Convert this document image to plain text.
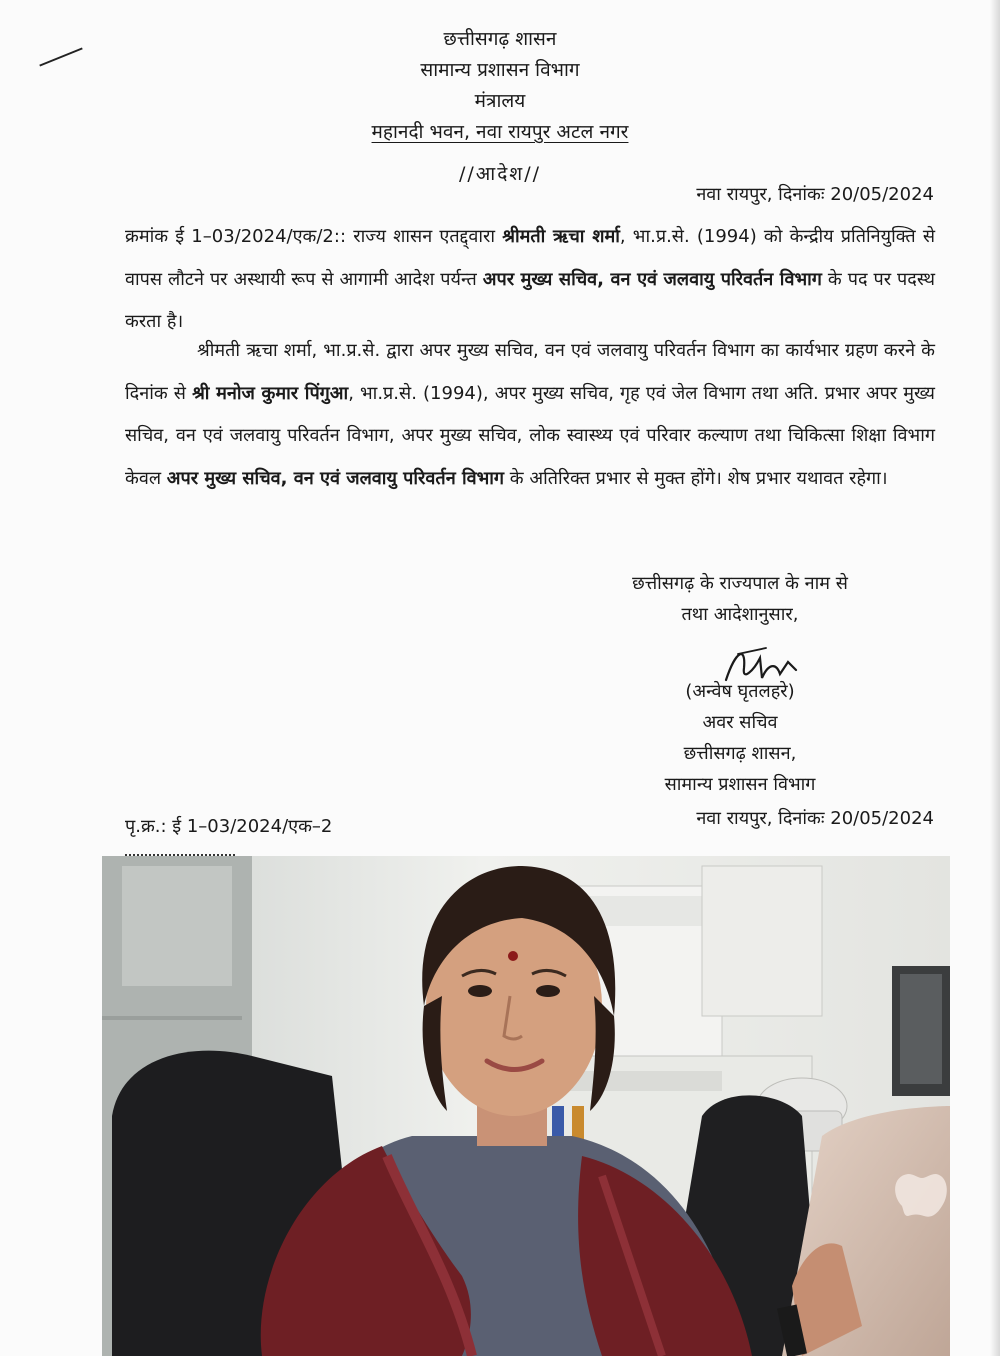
छत्तीसगढ़ शासन
सामान्य प्रशासन विभाग
मंत्रालय
महानदी भवन, नवा रायपुर अटल नगर
//आदेश//
नवा रायपुर, दिनांकः 20/05/2024
क्रमांक ई 1–03/2024/एक/2:: राज्य शासन एतद्द्वारा श्रीमती ऋचा शर्मा, भा.प्र.से. (1994) को केन्द्रीय प्रतिनियुक्ति से वापस लौटने पर अस्थायी रूप से आगामी आदेश पर्यन्त अपर मुख्य सचिव, वन एवं जलवायु परिवर्तन विभाग के पद पर पदस्थ करता है।
श्रीमती ऋचा शर्मा, भा.प्र.से. द्वारा अपर मुख्य सचिव, वन एवं जलवायु परिवर्तन विभाग का कार्यभार ग्रहण करने के दिनांक से श्री मनोज कुमार पिंगुआ, भा.प्र.से. (1994), अपर मुख्य सचिव, गृह एवं जेल विभाग तथा अति. प्रभार अपर मुख्य सचिव, वन एवं जलवायु परिवर्तन विभाग, अपर मुख्य सचिव, लोक स्वास्थ्य एवं परिवार कल्याण तथा चिकित्सा शिक्षा विभाग केवल अपर मुख्य सचिव, वन एवं जलवायु परिवर्तन विभाग के अतिरिक्त प्रभार से मुक्त होंगे। शेष प्रभार यथावत रहेगा।
छत्तीसगढ़ के राज्यपाल के नाम से
तथा आदेशानुसार,
(अन्वेष घृतलहरे)
अवर सचिव
छत्तीसगढ़ शासन,
सामान्य प्रशासन विभाग
पृ.क्र.: ई 1–03/2024/एक–2	नवा रायपुर, दिनांकः 20/05/2024
